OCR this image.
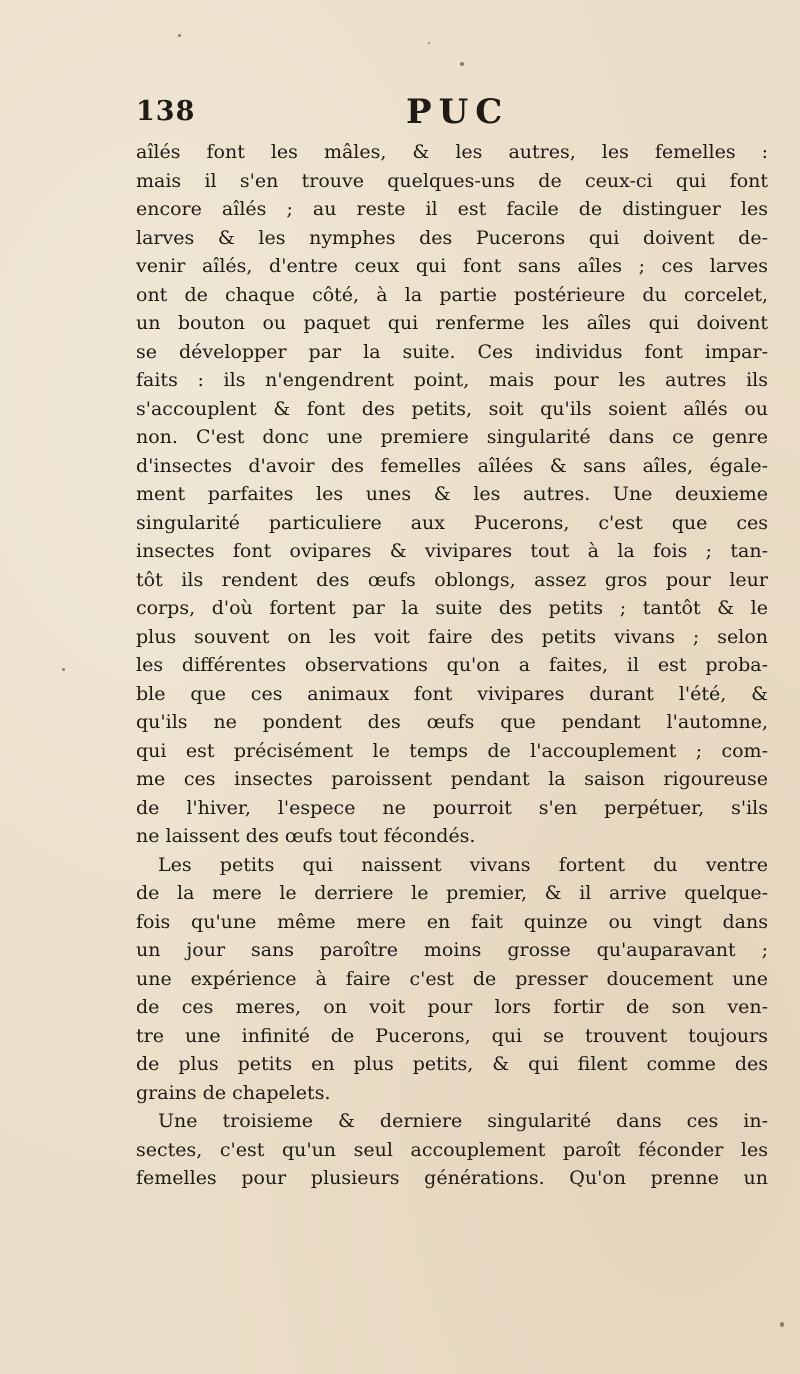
138	PUC
aîlés font les mâles, & les autres, les femelles :
mais il s'en trouve quelques-uns de ceux-ci qui font
encore aîlés ; au reste il est facile de distinguer les
larves & les nymphes des Pucerons qui doivent de-
venir aîlés, d'entre ceux qui font sans aîles ; ces larves
ont de chaque côté, à la partie postérieure du corcelet,
un bouton ou paquet qui renferme les aîles qui doivent
se développer par la suite. Ces individus font impar-
faits : ils n'engendrent point, mais pour les autres ils
s'accouplent & font des petits, soit qu'ils soient aîlés ou
non. C'est donc une premiere singularité dans ce genre
d'insectes d'avoir des femelles aîlées & sans aîles, égale-
ment parfaites les unes & les autres. Une deuxieme
singularité particuliere aux Pucerons, c'est que ces
insectes font ovipares & vivipares tout à la fois ; tan-
tôt ils rendent des œufs oblongs, assez gros pour leur
corps, d'où fortent par la suite des petits ; tantôt & le
plus souvent on les voit faire des petits vivans ; selon
les différentes observations qu'on a faites, il est proba-
ble que ces animaux font vivipares durant l'été, &
qu'ils ne pondent des œufs que pendant l'automne,
qui est précisément le temps de l'accouplement ; com-
me ces insectes paroissent pendant la saison rigoureuse
de l'hiver, l'espece ne pourroit s'en perpétuer, s'ils
ne laissent des œufs tout fécondés.
Les petits qui naissent vivans fortent du ventre
de la mere le derriere le premier, & il arrive quelque-
fois qu'une même mere en fait quinze ou vingt dans
un jour sans paroître moins grosse qu'auparavant ;
une expérience à faire c'est de presser doucement une
de ces meres, on voit pour lors fortir de son ven-
tre une infinité de Pucerons, qui se trouvent toujours
de plus petits en plus petits, & qui filent comme des
grains de chapelets.
Une troisieme & derniere singularité dans ces in-
sectes, c'est qu'un seul accouplement paroît féconder les
femelles pour plusieurs générations. Qu'on prenne un
